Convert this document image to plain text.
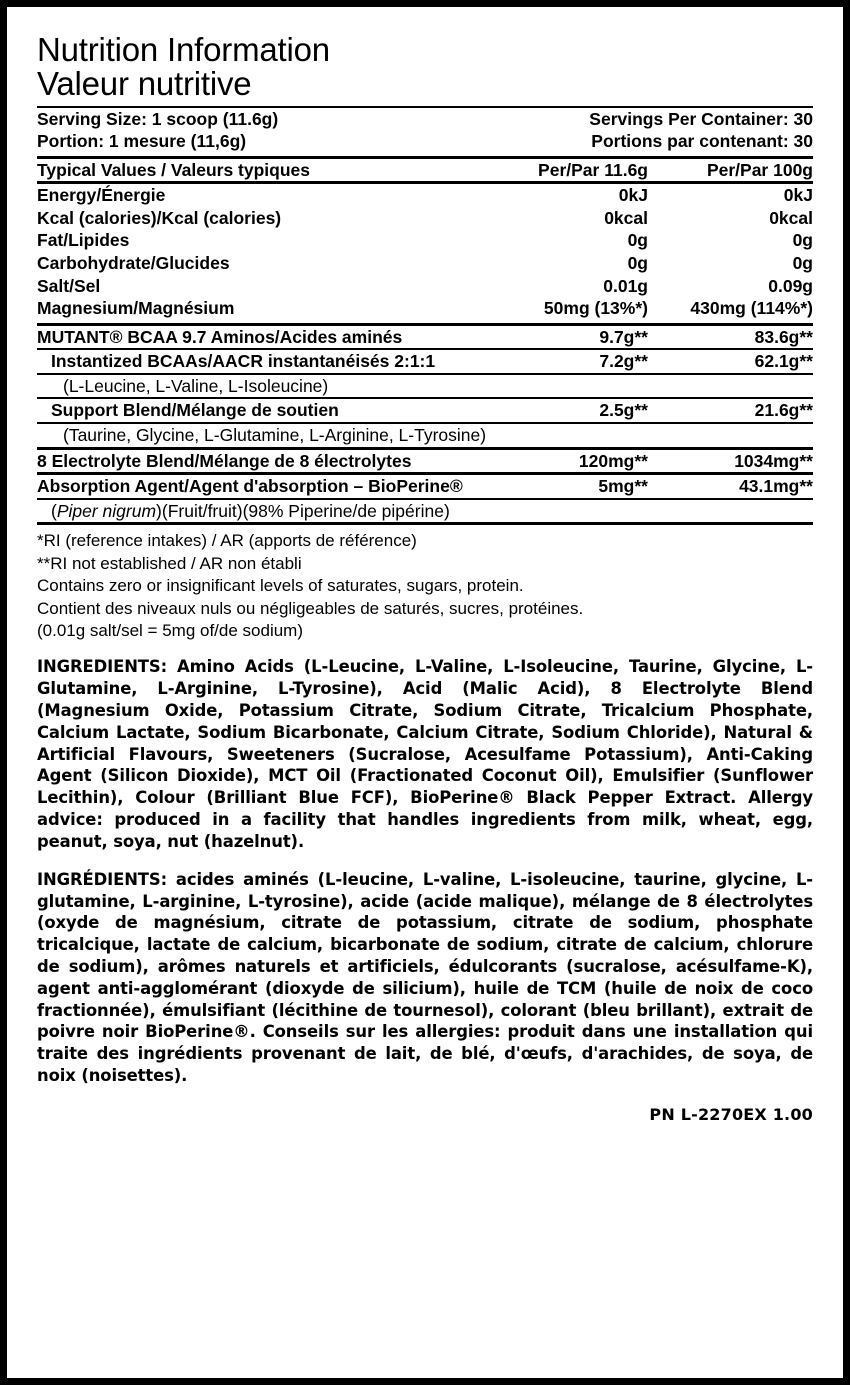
Nutrition Information
Valeur nutritive
Serving Size: 1 scoop (11.6g)	Servings Per Container: 30
Portion: 1 mesure (11,6g)	Portions par contenant: 30
Typical Values / Valeurs typiques	Per/Par 11.6g	Per/Par 100g
Energy/Énergie	0kJ	0kJ
Kcal (calories)/Kcal (calories)	0kcal	0kcal
Fat/Lipides	0g	0g
Carbohydrate/Glucides	0g	0g
Salt/Sel	0.01g	0.09g
Magnesium/Magnésium	50mg (13%*)	430mg (114%*)
MUTANT® BCAA 9.7 Aminos/Acides aminés	9.7g**	83.6g**
Instantized BCAAs/AACR instantanéisés 2:1:1	7.2g**	62.1g**
(L-Leucine, L-Valine, L-Isoleucine)
Support Blend/Mélange de soutien	2.5g**	21.6g**
(Taurine, Glycine, L-Glutamine, L-Arginine, L-Tyrosine)
8 Electrolyte Blend/Mélange de 8 électrolytes	120mg**	1034mg**
Absorption Agent/Agent d'absorption – BioPerine®	5mg**	43.1mg**
(Piper nigrum)(Fruit/fruit)(98% Piperine/de pipérine)
*RI (reference intakes) / AR (apports de référence)
**RI not established / AR non établi
Contains zero or insignificant levels of saturates, sugars, protein.
Contient des niveaux nuls ou négligeables de saturés, sucres, protéines.
(0.01g salt/sel = 5mg of/de sodium)
INGREDIENTS: Amino Acids (L-Leucine, L-Valine, L-Isoleucine, Taurine, Glycine, L-Glutamine, L-Arginine, L-Tyrosine), Acid (Malic Acid), 8 Electrolyte Blend (Magnesium Oxide, Potassium Citrate, Sodium Citrate, Tricalcium Phosphate, Calcium Lactate, Sodium Bicarbonate, Calcium Citrate, Sodium Chloride), Natural & Artificial Flavours, Sweeteners (Sucralose, Acesulfame Potassium), Anti-Caking Agent (Silicon Dioxide), MCT Oil (Fractionated Coconut Oil), Emulsifier (Sunflower Lecithin), Colour (Brilliant Blue FCF), BioPerine® Black Pepper Extract. Allergy advice: produced in a facility that handles ingredients from milk, wheat, egg, peanut, soya, nut (hazelnut).
INGRÉDIENTS: acides aminés (L-leucine, L-valine, L-isoleucine, taurine, glycine, L-glutamine, L-arginine, L-tyrosine), acide (acide malique), mélange de 8 électrolytes (oxyde de magnésium, citrate de potassium, citrate de sodium, phosphate tricalcique, lactate de calcium, bicarbonate de sodium, citrate de calcium, chlorure de sodium), arômes naturels et artificiels, édulcorants (sucralose, acésulfame-K), agent anti-agglomérant (dioxyde de silicium), huile de TCM (huile de noix de coco fractionnée), émulsifiant (lécithine de tournesol), colorant (bleu brillant), extrait de poivre noir BioPerine®. Conseils sur les allergies: produit dans une installation qui traite des ingrédients provenant de lait, de blé, d'œufs, d'arachides, de soya, de noix (noisettes).
PN L-2270EX 1.00
